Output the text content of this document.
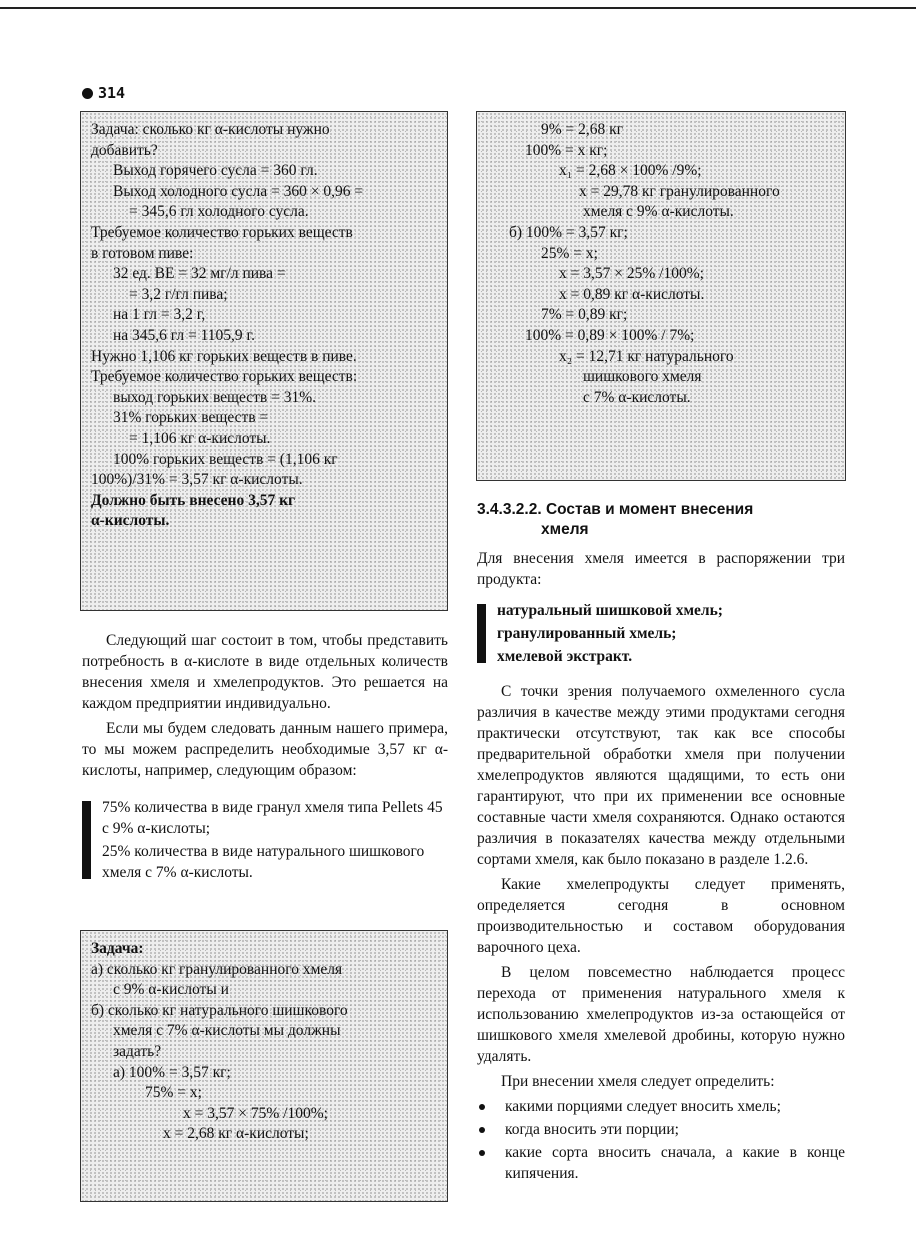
314
Задача: сколько кг α-кислоты нужно
добавить?
Выход горячего сусла = 360 гл.
Выход холодного сусла = 360 × 0,96 =
= 345,6 гл холодного сусла.
Требуемое количество горьких веществ
в готовом пиве:
32 ед. ВЕ = 32 мг/л пива =
= 3,2 г/гл пива;
на 1 гл = 3,2 г,
на 345,6 гл = 1105,9 г.
Нужно 1,106 кг горьких веществ в пиве.
Требуемое количество горьких веществ:
выход горьких веществ = 31%.
31% горьких веществ =
= 1,106 кг α-кислоты.
100% горьких веществ = (1,106 кг
100%)/31% = 3,57 кг α-кислоты.
Должно быть внесено 3,57 кг
α-кислоты.

Следующий шаг состоит в том, чтобы представить потребность в α-кислоте в виде отдельных количеств внесения хмеля и хмелепродуктов. Это решается на каждом предприятии индивидуально.

Если мы будем следовать данным нашего примера, то мы можем распределить необходимые 3,57 кг α-кислоты, например, следующим образом:

75% количества в виде гранул хмеля типа Pellets 45 с 9% α-кислоты;

25% количества в виде натурального шишкового хмеля с 7% α-кислоты.

Задача:
а) сколько кг гранулированного хмеля
с 9% α-кислоты и
б) сколько кг натурального шишкового
хмеля с 7% α-кислоты мы должны
задать?
а) 100% = 3,57 кг;
75% = x;
x = 3,57 × 75% /100%;
x = 2,68 кг α-кислоты;
9% = 2,68 кг
100% = x кг;
x₁ = 2,68 × 100% /9%;
x = 29,78 кг гранулированного
хмеля с 9% α-кислоты.
б) 100% = 3,57 кг;
25% = x;
x = 3,57 × 25% /100%;
x = 0,89 кг α-кислоты.
7% = 0,89 кг;
100% = 0,89 × 100% / 7%;
x₂ = 12,71 кг натурального
шишкового хмеля
с 7% α-кислоты.
3.4.3.2.2. Состав и момент внесения
хмеля

Для внесения хмеля имеется в распоряжении три продукта:

натуральный шишковой хмель;

гранулированный хмель;

хмелевой экстракт.

С точки зрения получаемого охмеленного сусла различия в качестве между этими продуктами сегодня практически отсутствуют, так как все способы предварительной обработки хмеля при получении хмелепродуктов являются щадящими, то есть они гарантируют, что при их применении все основные составные части хмеля сохраняются. Однако остаются различия в показателях качества между отдельными сортами хмеля, как было показано в разделе 1.2.6.

Какие хмелепродукты следует применять, определяется сегодня в основном производительностью и составом оборудования варочного цеха.

В целом повсеместно наблюдается процесс перехода от применения натурального хмеля к использованию хмелепродуктов из-за остающейся от шишкового хмеля хмелевой дробины, которую нужно удалять.

При внесении хмеля следует определить:

какими порциями следует вносить хмель;
когда вносить эти порции;
какие сорта вносить сначала, а какие в конце кипячения.
